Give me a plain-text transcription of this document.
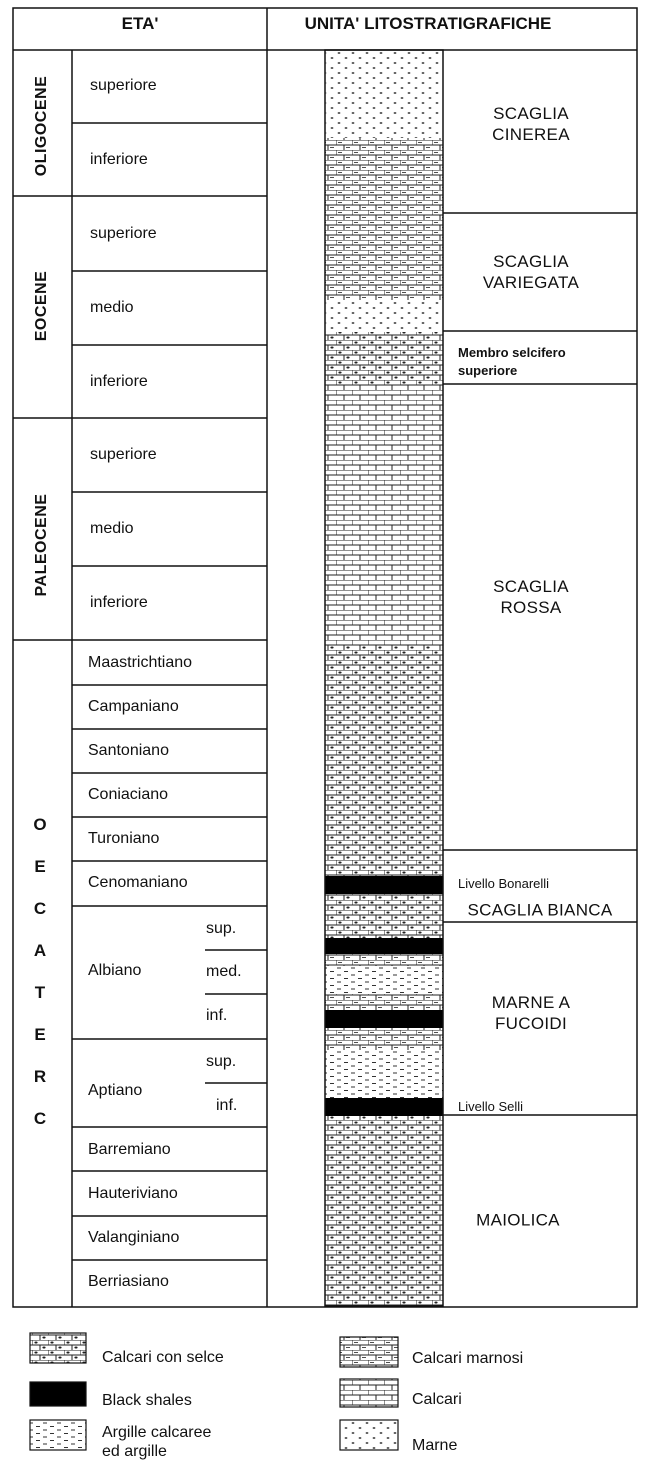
ETA'	UNITA' LITOSTRATIGRAFICHE
OLIGOCENE
EOCENE
PALEOCENE
O
E
C
A
T
E
R
C
superiore
inferiore
superiore
medio
inferiore
superiore
medio
inferiore
Maastrichtiano
Campaniano
Santoniano
Coniaciano
Turoniano
Cenomaniano
Albiano
sup.
med.
inf.
Aptiano
sup.
inf.
Barremiano
Hauteriviano
Valanginiano
Berriasiano
SCAGLIA
CINEREA
SCAGLIA
VARIEGATA
Membro selcifero
superiore
SCAGLIA
ROSSA
Livello Bonarelli
SCAGLIA BIANCA
MARNE A
FUCOIDI
Livello Selli
MAIOLICA
Calcari con selce
Black shales
Argille calcaree
ed argille
Calcari marnosi
Calcari
Marne
